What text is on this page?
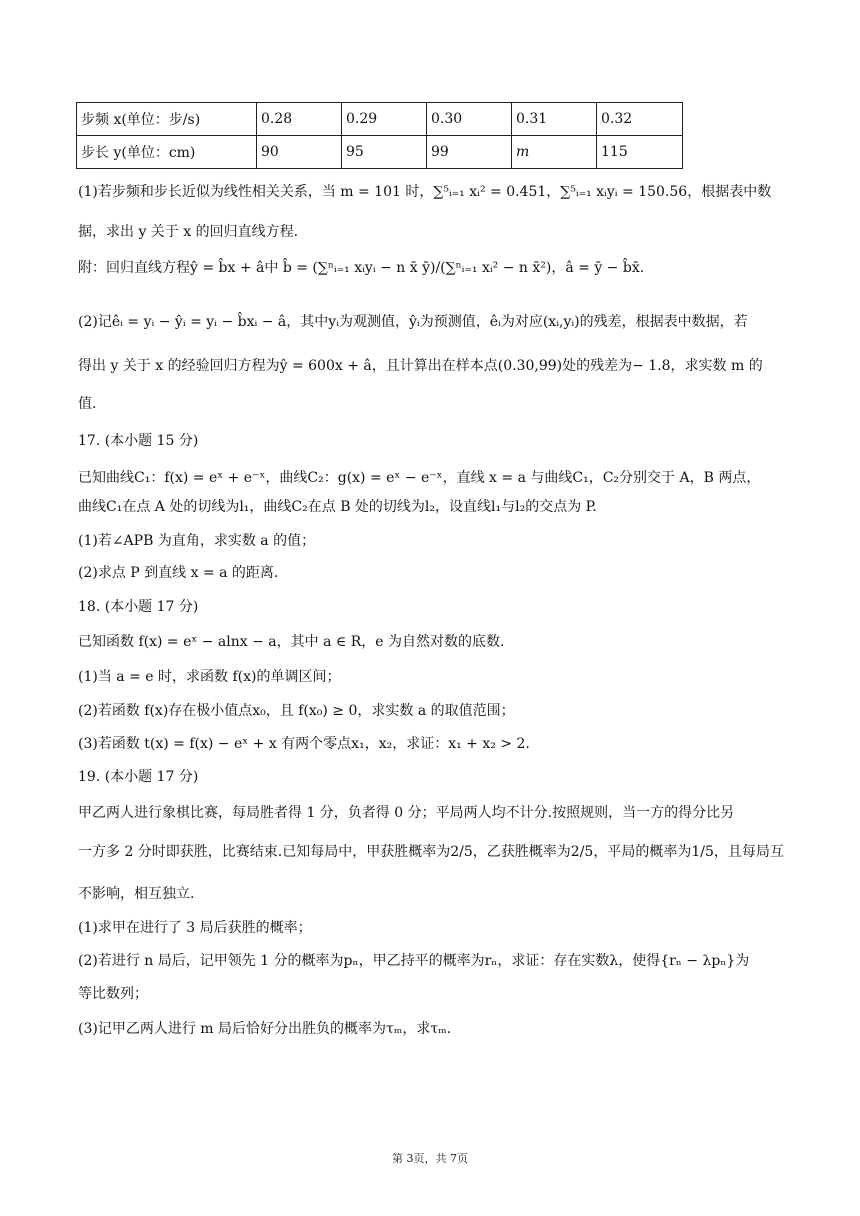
步频 x(单位：步/s)	0.28	0.29	0.30	0.31	0.32
步长 y(单位：cm)	90	95	99	m	115
(1)若步频和步长近似为线性相关关系，当 m = 101 时，∑⁵ᵢ₌₁ xᵢ² = 0.451，∑⁵ᵢ₌₁ xᵢyᵢ = 150.56，根据表中数
据，求出 y 关于 x 的回归直线方程.
附：回归直线方程ŷ = b̂x + â中 b̂ = (∑ⁿᵢ₌₁ xᵢyᵢ − n x̄ ȳ)/(∑ⁿᵢ₌₁ xᵢ² − n x̄²)，â = ȳ − b̂x̄.
(2)记êᵢ = yᵢ − ŷᵢ = yᵢ − b̂xᵢ − â，其中yᵢ为观测值，ŷᵢ为预测值，êᵢ为对应(xᵢ,yᵢ)的残差，根据表中数据，若
得出 y 关于 x 的经验回归方程为ŷ = 600x + â，且计算出在样本点(0.30,99)处的残差为− 1.8，求实数 m 的
值.
17. (本小题 15 分)
已知曲线C₁：f(x) = eˣ + e⁻ˣ，曲线C₂：g(x) = eˣ − e⁻ˣ，直线 x = a 与曲线C₁，C₂分别交于 A，B 两点，
曲线C₁在点 A 处的切线为l₁，曲线C₂在点 B 处的切线为l₂，设直线l₁与l₂的交点为 P.
(1)若∠APB 为直角，求实数 a 的值；
(2)求点 P 到直线 x = a 的距离.
18. (本小题 17 分)
已知函数 f(x) = eˣ − alnx − a，其中 a ∈ R，e 为自然对数的底数.
(1)当 a = e 时，求函数 f(x)的单调区间；
(2)若函数 f(x)存在极小值点x₀，且 f(x₀) ≥ 0，求实数 a 的取值范围；
(3)若函数 t(x) = f(x) − eˣ + x 有两个零点x₁，x₂，求证：x₁ + x₂ > 2.
19. (本小题 17 分)
甲乙两人进行象棋比赛，每局胜者得 1 分，负者得 0 分；平局两人均不计分.按照规则，当一方的得分比另
一方多 2 分时即获胜，比赛结束.已知每局中，甲获胜概率为2/5，乙获胜概率为2/5，平局的概率为1/5，且每局互
不影响，相互独立.
(1)求甲在进行了 3 局后获胜的概率；
(2)若进行 n 局后，记甲领先 1 分的概率为pₙ，甲乙持平的概率为rₙ，求证：存在实数λ，使得{rₙ − λpₙ}为
等比数列；
(3)记甲乙两人进行 m 局后恰好分出胜负的概率为τₘ，求τₘ.
第 3页，共 7页
